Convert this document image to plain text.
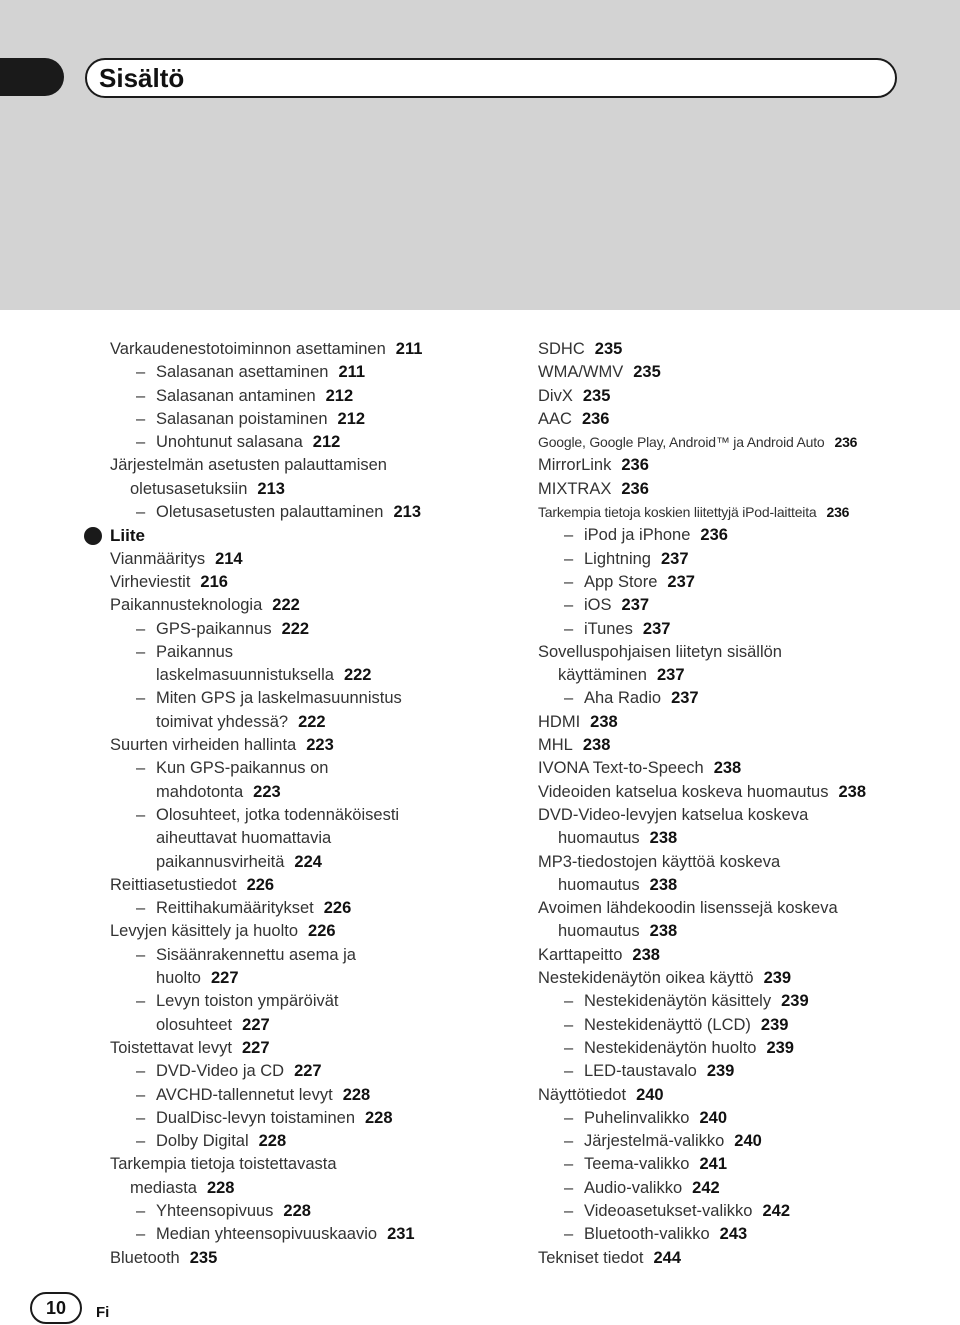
Sisältö
Varkaudenestotoiminnon asettaminen 211
– Salasanan asettaminen 211
– Salasanan antaminen 212
– Salasanan poistaminen 212
– Unohtunut salasana 212
Järjestelmän asetusten palauttamisen
oletusasetuksiin 213
– Oletusasetusten palauttaminen 213
Liite
Vianmääritys 214
Virheviestit 216
Paikannusteknologia 222
– GPS-paikannus 222
– Paikannus
laskelmasuunnistuksella 222
– Miten GPS ja laskelmasuunnistus
toimivat yhdessä? 222
Suurten virheiden hallinta 223
– Kun GPS-paikannus on
mahdotonta 223
– Olosuhteet, jotka todennäköisesti
aiheuttavat huomattavia
paikannusvirheitä 224
Reittiasetustiedot 226
– Reittihakumääritykset 226
Levyjen käsittely ja huolto 226
– Sisäänrakennettu asema ja
huolto 227
– Levyn toiston ympäröivät
olosuhteet 227
Toistettavat levyt 227
– DVD-Video ja CD 227
– AVCHD-tallennetut levyt 228
– DualDisc-levyn toistaminen 228
– Dolby Digital 228
Tarkempia tietoja toistettavasta
mediasta 228
– Yhteensopivuus 228
– Median yhteensopivuuskaavio 231
Bluetooth 235
SDHC 235
WMA/WMV 235
DivX 235
AAC 236
Google, Google Play, Android™ ja Android Auto 236
MirrorLink 236
MIXTRAX 236
Tarkempia tietoja koskien liitettyjä iPod-laitteita 236
– iPod ja iPhone 236
– Lightning 237
– App Store 237
– iOS 237
– iTunes 237
Sovelluspohjaisen liitetyn sisällön
käyttäminen 237
– Aha Radio 237
HDMI 238
MHL 238
IVONA Text-to-Speech 238
Videoiden katselua koskeva huomautus 238
DVD-Video-levyjen katselua koskeva
huomautus 238
MP3-tiedostojen käyttöä koskeva
huomautus 238
Avoimen lähdekoodin lisenssejä koskeva
huomautus 238
Karttapeitto 238
Nestekidenäytön oikea käyttö 239
– Nestekidenäytön käsittely 239
– Nestekidenäyttö (LCD) 239
– Nestekidenäytön huolto 239
– LED-taustavalo 239
Näyttötiedot 240
– Puhelinvalikko 240
– Järjestelmä-valikko 240
– Teema-valikko 241
– Audio-valikko 242
– Videoasetukset-valikko 242
– Bluetooth-valikko 243
Tekniset tiedot 244
10	Fi
